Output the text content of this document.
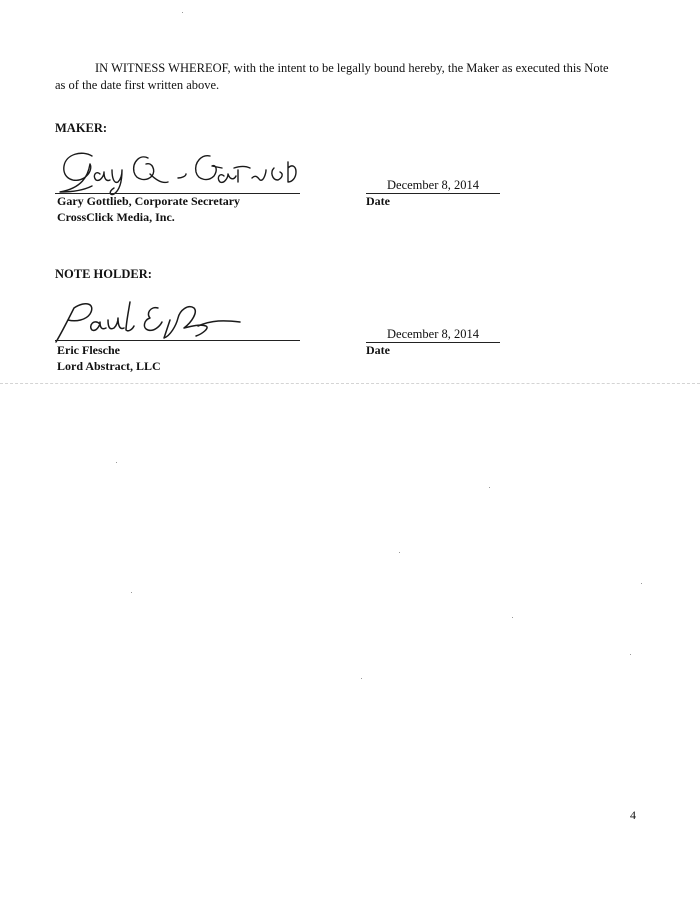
IN WITNESS WHEREOF, with the intent to be legally bound hereby, the Maker as executed this Note
as of the date first written above.
MAKER:
Gary Gottlieb, Corporate Secretary
CrossClick Media, Inc.
December 8, 2014
Date
NOTE HOLDER:
Eric Flesche
Lord Abstract, LLC
December 8, 2014
Date
4
